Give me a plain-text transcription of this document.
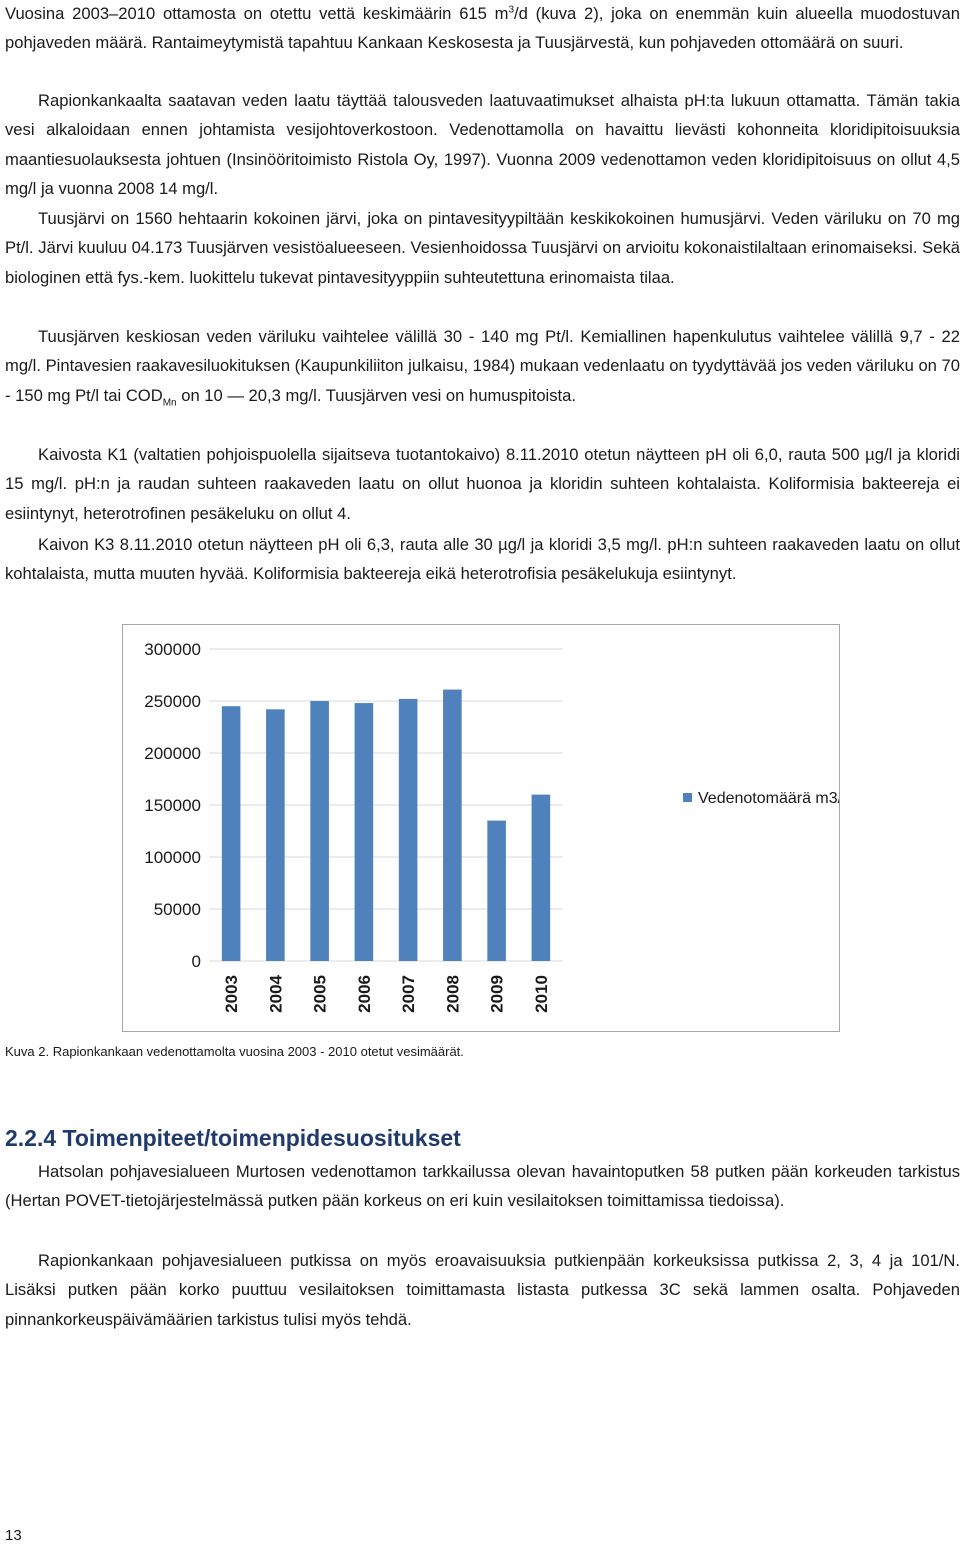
Vuosina 2003–2010 ottamosta on otettu vettä keskimäärin 615 $m^3/d$ (kuva 2), joka on enemmän kuin alueella muodostuvan pohjaveden määrä. Rantaimeytymistä tapahtuu Kankaan Keskosesta ja Tuusjärvestä, kun pohjaveden ottomäärä on suuri.

Rapionkankaalta saatavan veden laatu täyttää talousveden laatuvaatimukset alhaista pH:ta lukuun ottamatta. Tämän takia vesi alkaloidaan ennen johtamista vesijohtoverkostoon. Vedenottamolla on havaittu lievästi kohonneita kloridipitoisuuksia maantiesuolauksesta johtuen (Insinööritoimisto Ristola Oy, 1997). Vuonna 2009 vedenottamon veden kloridipitoisuus on ollut 4,5 mg/l ja vuonna 2008 14 mg/l.

Tuusjärvi on 1560 hehtaarin kokoinen järvi, joka on pintavesityypiltään keskikokoinen humusjärvi. Veden väriluku on 70 mg Pt/l. Järvi kuuluu 04.173 Tuusjärven vesistöalueeseen. Vesienhoidossa Tuusjärvi on arvioitu kokonaistilaltaan erinomaiseksi. Sekä biologinen että fys.-kem. luokittelu tukevat pintavesityyppiin suhteutettuna erinomaista tilaa.

Tuusjärven keskiosan veden väriluku vaihtelee välillä 30 - 140 mg Pt/l. Kemiallinen hapenkulutus vaihtelee välillä 9,7 - 22 mg/l. Pintavesien raakavesiluokituksen (Kaupunkiliiton julkaisu, 1984) mukaan vedenlaatu on tyydyttävää jos veden väriluku on 70 - 150 mg Pt/l tai $COD_{Mn}$ on 10 — 20,3 mg/l. Tuusjärven vesi on humuspitoista.

Kaivosta K1 (valtatien pohjoispuolella sijaitseva tuotantokaivo) 8.11.2010 otetun näytteen pH oli 6,0, rauta 500 µg/l ja kloridi 15 mg/l. pH:n ja raudan suhteen raakaveden laatu on ollut huonoa ja kloridin suhteen kohtalaista. Koliformisia bakteereja ei esiintynyt, heterotrofinen pesäkeluku on ollut 4.

Kaivon K3 8.11.2010 otetun näytteen pH oli 6,3, rauta alle 30 µg/l ja kloridi 3,5 mg/l. pH:n suhteen raakaveden laatu on ollut kohtalaista, mutta muuten hyvää. Koliformisia bakteereja eikä heterotrofisia pesäkelukuja esiintynyt.

0
50000
100000
150000
200000
250000
300000
2003 2004 2005 2006 2007 2008 2009 2010
Vedenotomäärä m3/a
Kuva 2. Rapionkankaan vedenottamolta vuosina 2003 - 2010 otetut vesimäärät.
2.2.4 Toimenpiteet/toimenpidesuositukset

Hatsolan pohjavesialueen Murtosen vedenottamon tarkkailussa olevan havaintoputken 58 putken pään korkeuden tarkistus (Hertan POVET-tietojärjestelmässä putken pään korkeus on eri kuin vesilaitoksen toimittamissa tiedoissa).

Rapionkankaan pohjavesialueen putkissa on myös eroavaisuuksia putkienpään korkeuksissa putkissa 2, 3, 4 ja 101/N. Lisäksi putken pään korko puuttuu vesilaitoksen toimittamasta listasta putkessa 3C sekä lammen osalta. Pohjaveden pinnankorkeuspäivämäärien tarkistus tulisi myös tehdä.

13
